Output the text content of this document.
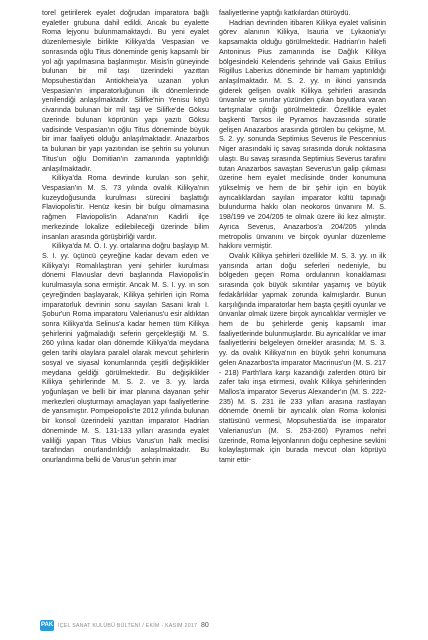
torel getirilerek eyalet doğrudan imparatora bağlı eyaletler grubuna dahil edildi. Ancak bu eyalette Roma lejyonu bulunmamaktaydı. Bu yeni eyalet düzenlemesiyle birlikte Kilikya'da Vespasian ve sonrasında oğlu Titus döneminde geniş kapsamlı bir yol ağı yapılmasına başlanmıştır. Misis'in güneyinde bulunan bir mil taşı üzerindeki yazıttan Mopsuhestia'dan Antiokheia'ya uzanan yolun Vespasian'ın imparatorluğunun ilk dönemlerinde yenilendiği anlaşılmaktadır. Silifke'nin Yenisu köyü civarında bulunan bir mil taşı ve Silifke'de Göksu üzerinde bulunan köprünün yapı yazıtı Göksu vadisinde Vespasian'ın oğlu Titus döneminde büyük bir imar faaliyeti olduğu anlaşılmaktadır. Anazarbos ta bulunan bir yapı yazıtından ise şehrin su yolunun Titus'un oğlu Domitian'ın zamanında yaptırıldığı anlaşılmaktadır.

Kilikya'da Roma devrinde kurulan son şehir, Vespasian'ın M. S. 73 yılında ovalık Kilikya'nın kuzeydoğusunda kurulması sürecini başlattığı Flaviopolis'tir. Henüz kesin bir bulgu olmamasına rağmen Flaviopolis'in Adana'nın Kadirli ilçe merkezinde lokalize edilebileceği üzerinde bilim insanları arasında görüşbirliği vardır.

Kilikya'da M. Ö. I. yy. ortalarına doğru başlayıp M. S. I. yy. üçüncü çeyreğine kadar devam eden ve Kilikya'yı Romalılaştıran yeni şehirler kurulması dönemi Flavıuslar devri başlarında Flaviopolis'in kurulmasıyla sona ermiştir. Ancak M. S. I. yy. ın son çeyreğinden başlayarak, Kilikya şehirleri için Roma imparatorluk devrinin sonu sayılan Sasani kralı I. Şobur'un Roma imparatoru Valerianus'u esir aldıktan sonra Kilikya'da Selinus'a kadar hemen tüm Kilikya şehirlerini yağmaladığı seferin gerçekleştiği M. S. 260 yılına kadar olan dönemde Kilikya'da meydana gelen tarihi olaylara paralel olarak mevcut şehirlerin sosyal ve siyasal konumlarında çeşitli değişiklikler meydana geldiği görülmektedir. Bu değişiklikler Kilikya şehirlerinde M. S. 2. ve 3. yy. larda yoğunlaşan ve belli bir imar planına dayanan şehir merkezleri oluşturmayı amaçlayan yapı faaliyetlerine de yansımıştır. Pompeiopolis'te 2012 yılında bulunan bir konsol üzerindeki yazıttan imparator Hadrian döneminde M. S. 131-133 yılları arasında eyalet valiliği yapan Titus Vibius Varus'un halk meclisi tarafından onurlandırıldığı anlaşılmaktadır. Bu onurlandırma belki de Varus'un şehrin imar

faaliyetlerine yaptığı katkılardan ötürüydü.

Hadrian devrinden itibaren Kilikya eyalet valisinin görev alanının Kilikya, Isauria ve Lykaonia'yı kapsamakta olduğu görülmektedir. Hadrian'ın halefi Antoninus Pius zamanında ise Dağlık Kilikya bölgesindeki Kelenderis şehrinde vali Gaius Etrilius Rigillus Laberius döneminde bir hamam yaptırıldığı anlaşılmaktadır. M. S. 2. yy. ın ikinci yarısında giderek gelişen ovalık Kilikya şehirleri arasında ünvanlar ve sınırlar yüzünden çıkan boyutlara varan tartışmalar çıktığı görülmektedir. Özellikle eyalet başkenti Tarsos ile Pyramos havzasında süratle gelişen Anazarbos arasında görülen bu çekişme, M. S. 2. yy. sonunda Septimius Severus ile Pescennius Niger arasındaki iç savaş sırasında doruk noktasına ulaştı. Bu savaş sırasında Septimius Severus tarafını tutan Anazarbos savaştan Severus'un galip çıkması üzerine hem eyalet meclisinde önder konumuna yükselmiş ve hem de bir şehir için en büyük ayrıcalıklardan sayılan imparator kültü tapınağı bulundurma hakkı olan neokoros ünvanını M. S. 198/199 ve 204/205 te olmak üzere iki kez almıştır. Ayrıca Severus, Anazarbos'a 204/205 yılında metropolis ünvanını ve birçok oyunlar düzenleme hakkını vermiştir.

Ovalık Kilikya şehirleri özellikle M. S. 3. yy. ın ilk yarısında artan doğu seferleri nedeniyle, bu bölgeden geçen Roma ordularının konaklaması sırasında çok büyük sıkıntılar yaşamış ve büyük fedakârlıklar yapmak zorunda kalmışlardır. Bunun karşılığında imparatorlar hem başta çeşitli oyunlar ve ünvanlar olmak üzere birçok ayrıcalıklar vermişler ve hem de bu şehirlerde geniş kapsamlı imar faaliyetlerinde bulunmuşlardır. Bu ayrıcalıklar ve imar faaliyetlerini belgeleyen örnekler arasında; M. S. 3. yy. da ovalık Kilikya'nın en büyük şehri konumuna gelen Anazarbos'ta imparator Macrinus'un (M. S. 217 - 218) Parth'lara karşı kazandığı zaferden ötürü bir zafer takı inşa etirmesi, ovalık Kilikya şehirlerinden Mallos'a imparator Severus Alexander'ın (M. S. 222-235) M. S. 231 ile 233 yılları arasına rastlayan dönemde önemli bir ayrıcalık olan Roma kolonisi statüsünü vermesi, Mopsuhestia'da ise imparator Valerianus'un (M. S. 253-260) Pyramos nehri üzerinde, Roma lejyonlarının doğu cephesine sevkini kolaylaştırmak için burada mevcut olan köprüyü tamir ettir-

PAK İÇEL SANAT KULÜBÜ BÜLTENİ / EKİM - KASIM 2017 80
